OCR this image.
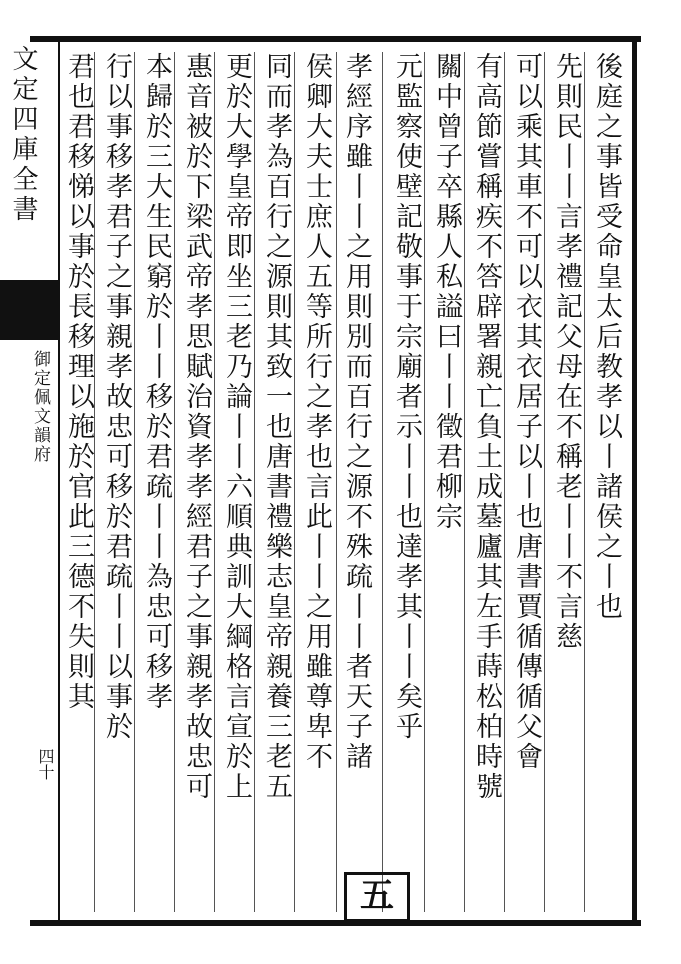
文定四庫全書
御定佩文韻府
四十
後庭之事皆受命皇太后教孝以丨諸侯之丨也
先則民丨丨言孝禮記父母在不稱老丨丨不言慈
可以乘其車不可以衣其衣居子以丨也唐書賈循傳循父會
有高節嘗稱疾不答辟署親亡負土成墓廬其左手蒔松柏時號
關中曾子卒縣人私謚曰丨丨徵君柳宗
元監察使壁記敬事于宗廟者示丨丨也達孝其丨丨矣乎
孝經序雖丨丨之用則別而百行之源不殊疏丨丨者天子諸
侯卿大夫士庶人五等所行之孝也言此丨丨之用雖尊卑不
同而孝為百行之源則其致一也唐書禮樂志皇帝親養三老五
更於大學皇帝即坐三老乃論丨丨六順典訓大綱格言宣於上
惠音被於下梁武帝孝思賦治資孝孝經君子之事親孝故忠可
本歸於三大生民窮於丨丨移於君疏丨丨為忠可移孝
行以事移孝君子之事親孝故忠可移於君疏丨丨以事於
君也君移悌以事於長移理以施於官此三德不失則其
五
